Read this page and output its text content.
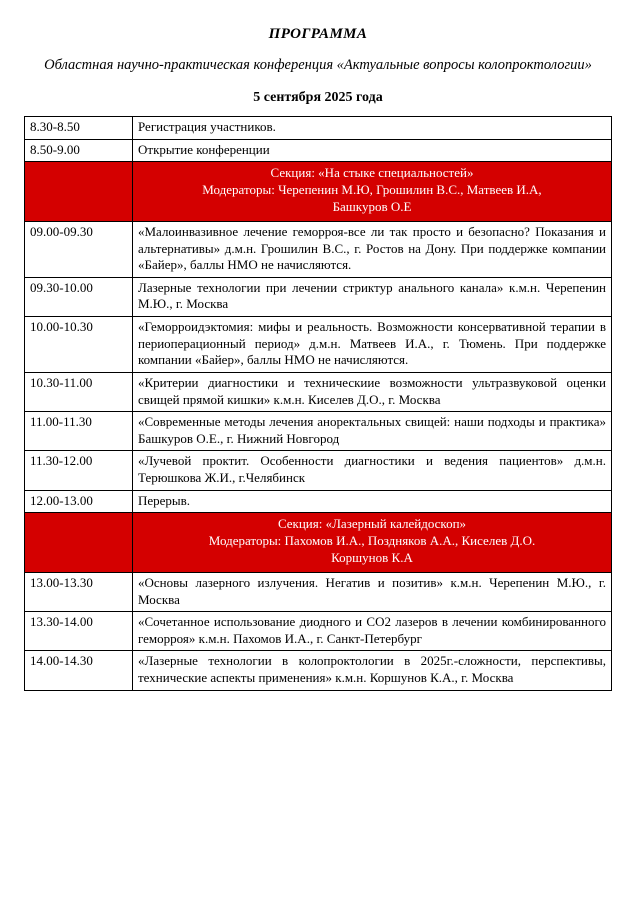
ПРОГРАММА
Областная научно-практическая конференция «Актуальные вопросы колопроктологии»
5 сентября 2025 года
8.30-8.50	Регистрация участников.
8.50-9.00	Открытие конференции

	Секция: «На стыке специальностей»
Модераторы: Черепенин М.Ю, Грошилин В.С., Матвеев И.А,
Башкуров О.Е

09.00-09.30	«Малоинвазивное лечение геморроя-все ли так просто и безопасно? Показания и альтернативы» д.м.н. Грошилин В.С., г. Ростов на Дону. При поддержке компании «Байер», баллы НМО не начисляются.
09.30-10.00	Лазерные технологии при лечении стриктур анального канала» к.м.н. Черепенин М.Ю., г. Москва
10.00-10.30	«Геморроидэктомия: мифы и реальность. Возможности консервативной терапии в периоперационный период» д.м.н. Матвеев И.А., г. Тюмень. При поддержке компании «Байер», баллы НМО не начисляются.
10.30-11.00	«Критерии диагностики и техническиие возможности ультразвуковой оценки свищей прямой кишки» к.м.н. Киселев Д.О., г. Москва
11.00-11.30	«Современные методы лечения аноректальных свищей: наши подходы и практика» Башкуров О.Е., г. Нижний Новгород
11.30-12.00	«Лучевой проктит. Особенности диагностики и ведения пациентов» д.м.н. Терюшкова Ж.И., г.Челябинск
12.00-13.00	Перерыв.

	Секция: «Лазерный калейдоскоп»
Модераторы: Пахомов И.А., Поздняков А.А., Киселев Д.О.
Коршунов К.А

13.00-13.30	«Основы лазерного излучения. Негатив и позитив» к.м.н. Черепенин М.Ю., г. Москва
13.30-14.00	«Сочетанное использование диодного и СО2 лазеров в лечении комбинированного геморроя» к.м.н. Пахомов И.А., г. Санкт-Петербург
14.00-14.30	«Лазерные технологии в колопроктологии в 2025г.-сложности, перспективы, технические аспекты применения» к.м.н. Коршунов К.А., г. Москва
